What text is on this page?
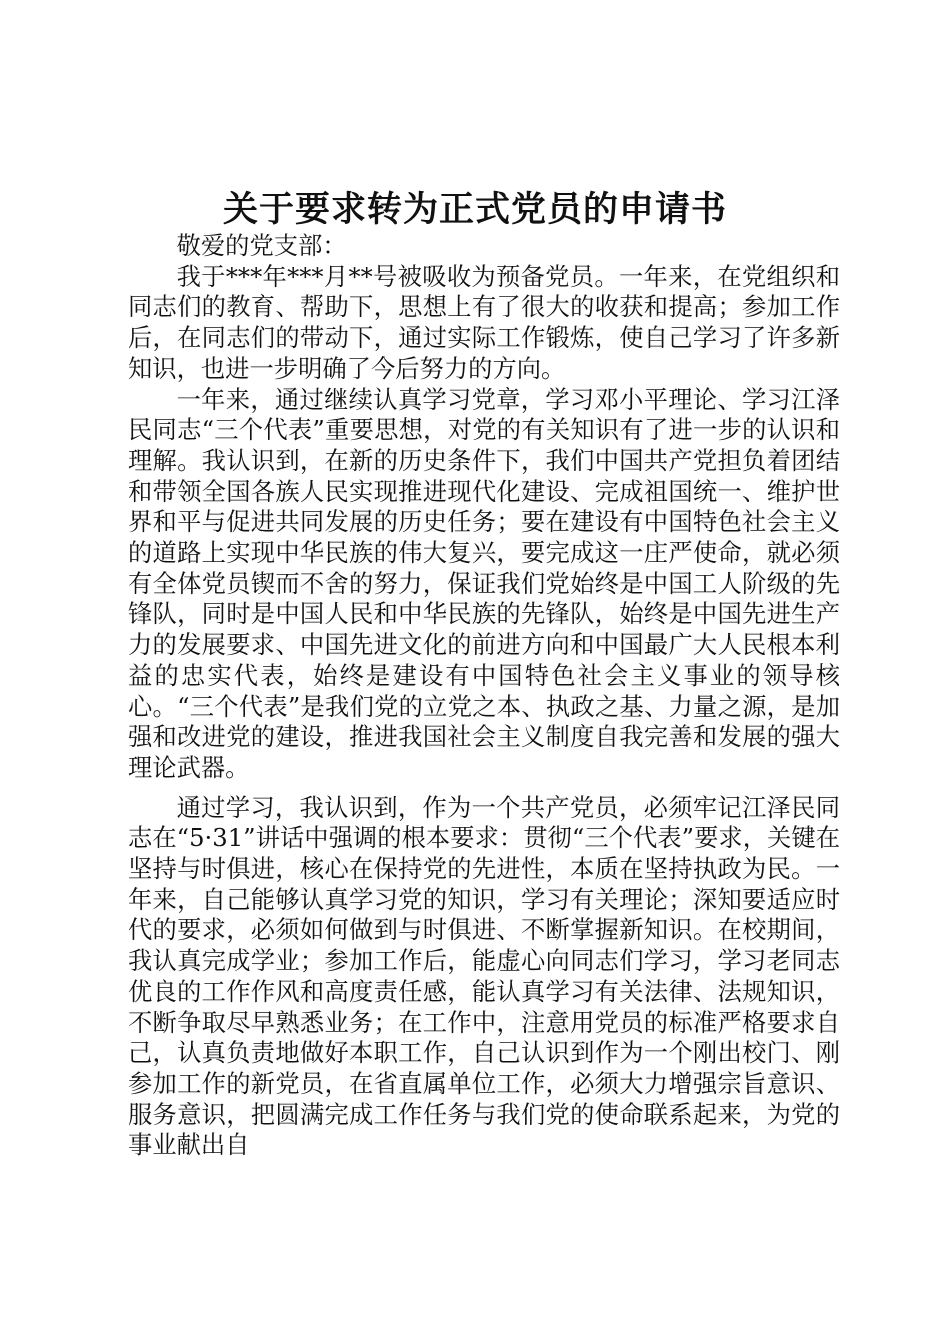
关于要求转为正式党员的申请书

敬爱的党支部：

我于***年***月**号被吸收为预备党员。一年来，在党组织和同志们的教育、帮助下，思想上有了很大的收获和提高；参加工作后，在同志们的带动下，通过实际工作锻炼，使自己学习了许多新知识，也进一步明确了今后努力的方向。

一年来，通过继续认真学习党章，学习邓小平理论、学习江泽民同志“三个代表”重要思想，对党的有关知识有了进一步的认识和理解。我认识到，在新的历史条件下，我们中国共产党担负着团结和带领全国各族人民实现推进现代化建设、完成祖国统一、维护世界和平与促进共同发展的历史任务；要在建设有中国特色社会主义的道路上实现中华民族的伟大复兴，要完成这一庄严使命，就必须有全体党员锲而不舍的努力，保证我们党始终是中国工人阶级的先锋队，同时是中国人民和中华民族的先锋队，始终是中国先进生产力的发展要求、中国先进文化的前进方向和中国最广大人民根本利益的忠实代表，始终是建设有中国特色社会主义事业的领导核心。“三个代表”是我们党的立党之本、执政之基、力量之源，是加强和改进党的建设，推进我国社会主义制度自我完善和发展的强大理论武器。

通过学习，我认识到，作为一个共产党员，必须牢记江泽民同志在“5·31”讲话中强调的根本要求：贯彻“三个代表”要求，关键在坚持与时俱进，核心在保持党的先进性，本质在坚持执政为民。一年来，自己能够认真学习党的知识，学习有关理论；深知要适应时代的要求，必须如何做到与时俱进、不断掌握新知识。在校期间，我认真完成学业；参加工作后，能虚心向同志们学习，学习老同志优良的工作作风和高度责任感，能认真学习有关法律、法规知识，不断争取尽早熟悉业务；在工作中，注意用党员的标准严格要求自己，认真负责地做好本职工作，自己认识到作为一个刚出校门、刚参加工作的新党员，在省直属单位工作，必须大力增强宗旨意识、服务意识，把圆满完成工作任务与我们党的使命联系起来，为党的事业献出自
